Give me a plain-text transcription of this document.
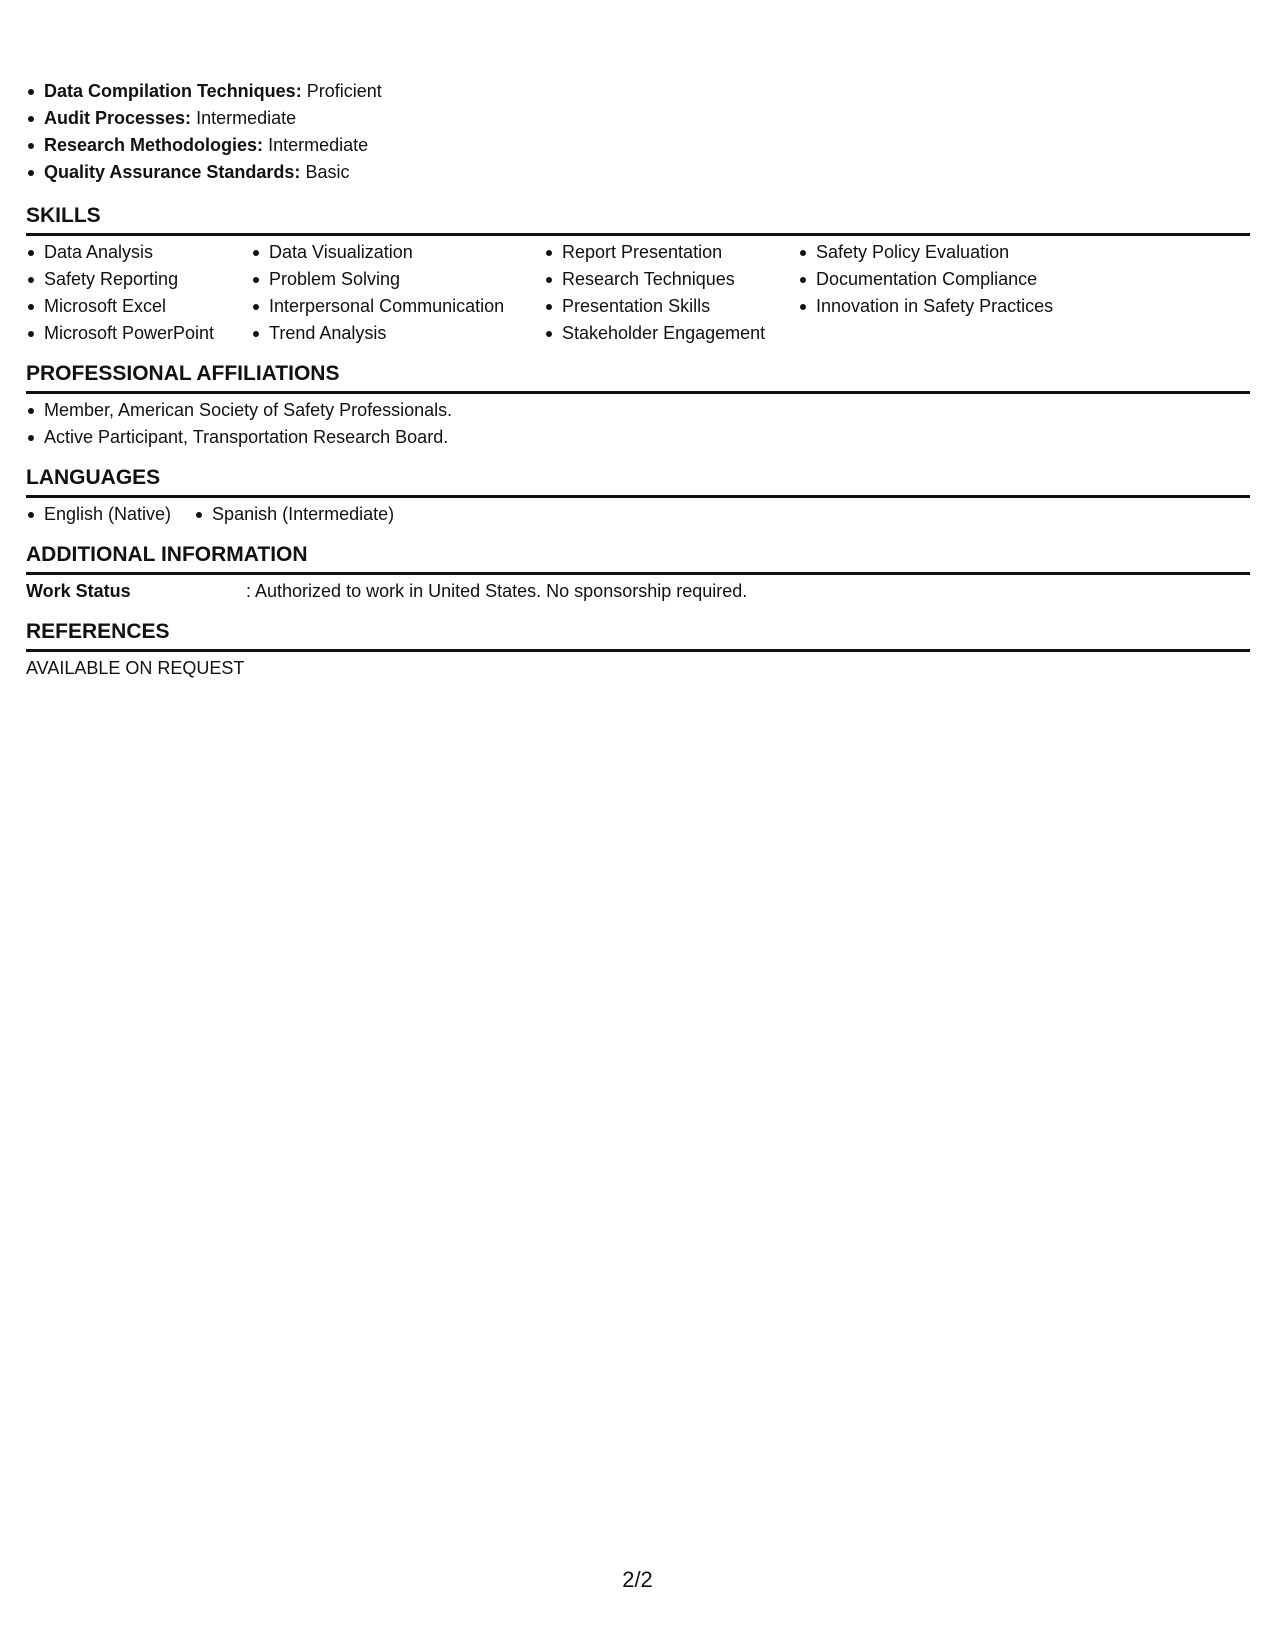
Data Compilation Techniques: Proficient
Audit Processes: Intermediate
Research Methodologies: Intermediate
Quality Assurance Standards: Basic
SKILLS
Data Analysis
Safety Reporting
Microsoft Excel
Microsoft PowerPoint
Data Visualization
Problem Solving
Interpersonal Communication
Trend Analysis
Report Presentation
Research Techniques
Presentation Skills
Stakeholder Engagement
Safety Policy Evaluation
Documentation Compliance
Innovation in Safety Practices
PROFESSIONAL AFFILIATIONS
Member, American Society of Safety Professionals.
Active Participant, Transportation Research Board.
LANGUAGES
English (Native)	Spanish (Intermediate)
ADDITIONAL INFORMATION
Work Status	: Authorized to work in United States. No sponsorship required.
REFERENCES
AVAILABLE ON REQUEST
2/2
